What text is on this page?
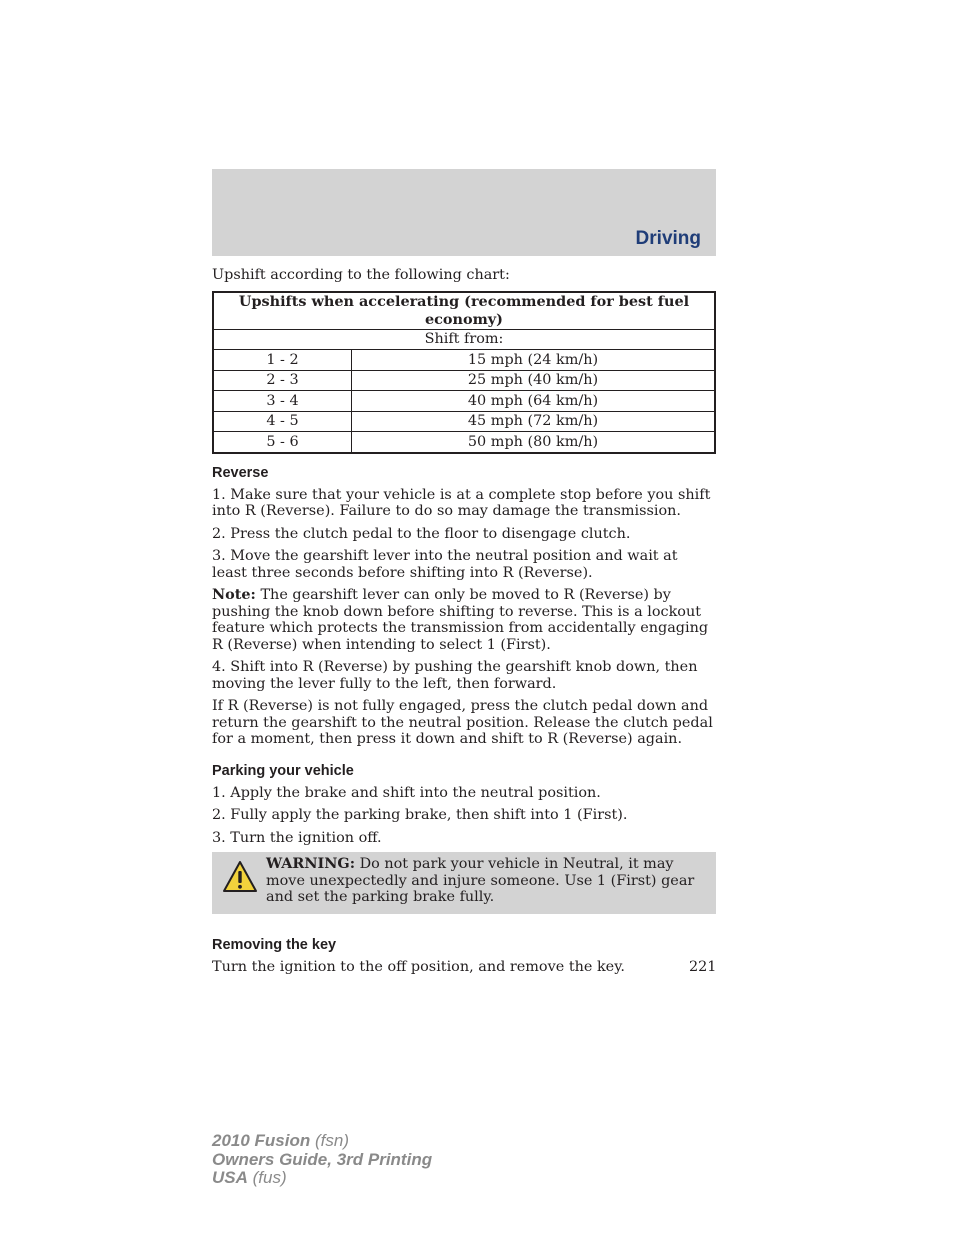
Driving

Upshift according to the following chart:

Upshifts when accelerating (recommended for best fuel economy)	
Shift from:	
1 - 2	15 mph (24 km/h)
2 - 3	25 mph (40 km/h)
3 - 4	40 mph (64 km/h)
4 - 5	45 mph (72 km/h)
5 - 6	50 mph (80 km/h)
Reverse

1. Make sure that your vehicle is at a complete stop before you shift into R (Reverse). Failure to do so may damage the transmission.

2. Press the clutch pedal to the floor to disengage clutch.

3. Move the gearshift lever into the neutral position and wait at least three seconds before shifting into R (Reverse).

Note: The gearshift lever can only be moved to R (Reverse) by pushing the knob down before shifting to reverse. This is a lockout feature which protects the transmission from accidentally engaging R (Reverse) when intending to select 1 (First).

4. Shift into R (Reverse) by pushing the gearshift knob down, then moving the lever fully to the left, then forward.

If R (Reverse) is not fully engaged, press the clutch pedal down and return the gearshift to the neutral position. Release the clutch pedal for a moment, then press it down and shift to R (Reverse) again.

Parking your vehicle

1. Apply the brake and shift into the neutral position.

2. Fully apply the parking brake, then shift into 1 (First).

3. Turn the ignition off.

WARNING: Do not park your vehicle in Neutral, it may move unexpectedly and injure someone. Use 1 (First) gear and set the parking brake fully.
Removing the key

Turn the ignition to the off position, and remove the key.	221
2010 Fusion (fsn)
Owners Guide, 3rd Printing
USA (fus)
